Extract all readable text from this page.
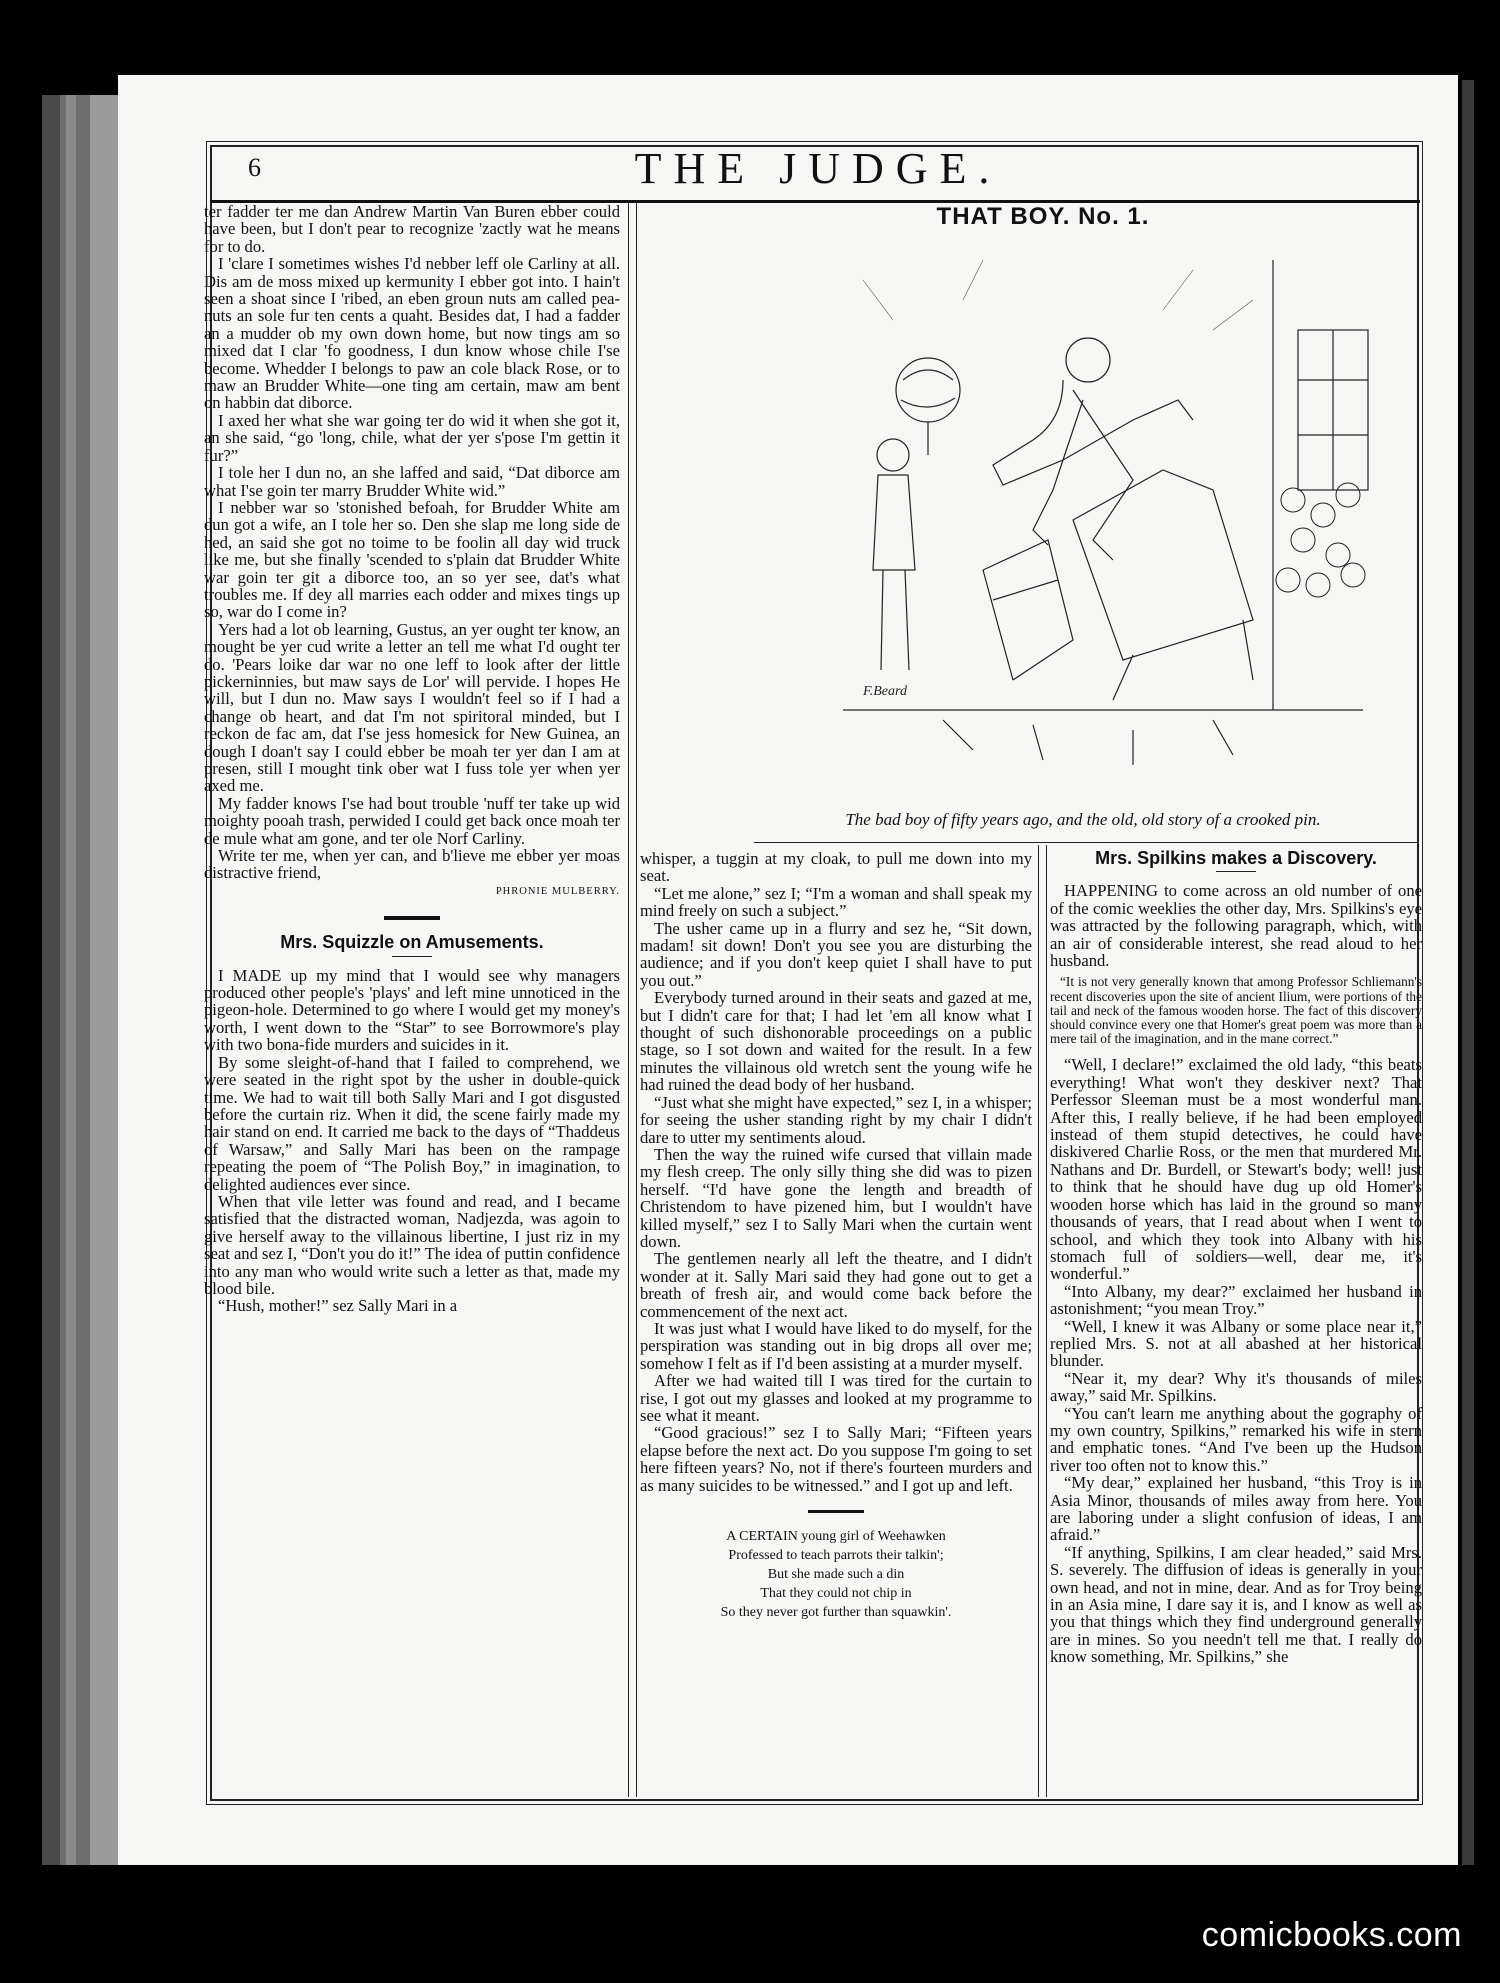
6	THE JUDGE.

ter fadder ter me dan Andrew Martin Van Buren ebber could have been, but I don't pear to recognize 'zactly wat he means for to do.

I 'clare I sometimes wishes I'd nebber leff ole Carliny at all. Dis am de moss mixed up kermunity I ebber got into. I hain't seen a shoat since I 'ribed, an eben groun nuts am called pea-nuts an sole fur ten cents a quaht. Besides dat, I had a fadder an a mudder ob my own down home, but now tings am so mixed dat I clar 'fo goodness, I dun know whose chile I'se become. Whedder I belongs to paw an cole black Rose, or to maw an Brudder White—one ting am certain, maw am bent on habbin dat diborce.

I axed her what she war going ter do wid it when she got it, an she said, “go 'long, chile, what der yer s'pose I'm gettin it fur?”

I tole her I dun no, an she laffed and said, “Dat diborce am what I'se goin ter marry Brudder White wid.”

I nebber war so 'stonished befoah, for Brudder White am dun got a wife, an I tole her so. Den she slap me long side de hed, an said she got no toime to be foolin all day wid truck like me, but she finally 'scended to s'plain dat Brudder White war goin ter git a diborce too, an so yer see, dat's what troubles me. If dey all marries each odder and mixes tings up so, war do I come in?

Yers had a lot ob learning, Gustus, an yer ought ter know, an mought be yer cud write a letter an tell me what I'd ought ter do. 'Pears loike dar war no one leff to look after der little pickerninnies, but maw says de Lor' will pervide. I hopes He will, but I dun no. Maw says I wouldn't feel so if I had a change ob heart, and dat I'm not spiritoral minded, but I reckon de fac am, dat I'se jess homesick for New Guinea, an dough I doan't say I could ebber be moah ter yer dan I am at presen, still I mought tink ober wat I fuss tole yer when yer axed me.

My fadder knows I'se had bout trouble 'nuff ter take up wid moighty pooah trash, perwided I could get back once moah ter de mule what am gone, and ter ole Norf Carliny.

Write ter me, when yer can, and b'lieve me ebber yer moas distractive friend,

PHRONIE MULBERRY.
Mrs. Squizzle on Amusements.

I MADE up my mind that I would see why managers produced other people's 'plays' and left mine unnoticed in the pigeon-hole. Determined to go where I would get my money's worth, I went down to the “Star” to see Borrowmore's play with two bona-fide murders and suicides in it.

By some sleight-of-hand that I failed to comprehend, we were seated in the right spot by the usher in double-quick time. We had to wait till both Sally Mari and I got disgusted before the curtain riz. When it did, the scene fairly made my hair stand on end. It carried me back to the days of “Thaddeus of Warsaw,” and Sally Mari has been on the rampage repeating the poem of “The Polish Boy,” in imagination, to delighted audiences ever since.

When that vile letter was found and read, and I became satisfied that the distracted woman, Nadjezda, was agoin to give herself away to the villainous libertine, I just riz in my seat and sez I, “Don't you do it!” The idea of puttin confidence into any man who would write such a letter as that, made my blood bile.

“Hush, mother!” sez Sally Mari in a

THAT BOY. No. 1.
F.Beard
The bad boy of fifty years ago, and the old, old story of a crooked pin.

whisper, a tuggin at my cloak, to pull me down into my seat.

“Let me alone,” sez I; “I'm a woman and shall speak my mind freely on such a subject.”

The usher came up in a flurry and sez he, “Sit down, madam! sit down! Don't you see you are disturbing the audience; and if you don't keep quiet I shall have to put you out.”

Everybody turned around in their seats and gazed at me, but I didn't care for that; I had let 'em all know what I thought of such dishonorable proceedings on a public stage, so I sot down and waited for the result. In a few minutes the villainous old wretch sent the young wife he had ruined the dead body of her husband.

“Just what she might have expected,” sez I, in a whisper; for seeing the usher standing right by my chair I didn't dare to utter my sentiments aloud.

Then the way the ruined wife cursed that villain made my flesh creep. The only silly thing she did was to pizen herself. “I'd have gone the length and breadth of Christendom to have pizened him, but I wouldn't have killed myself,” sez I to Sally Mari when the curtain went down.

The gentlemen nearly all left the theatre, and I didn't wonder at it. Sally Mari said they had gone out to get a breath of fresh air, and would come back before the commencement of the next act.

It was just what I would have liked to do myself, for the perspiration was standing out in big drops all over me; somehow I felt as if I'd been assisting at a murder myself.

After we had waited till I was tired for the curtain to rise, I got out my glasses and looked at my programme to see what it meant.

“Good gracious!” sez I to Sally Mari; “Fifteen years elapse before the next act. Do you suppose I'm going to set here fifteen years? No, not if there's fourteen murders and as many suicides to be witnessed.” and I got up and left.

A CERTAIN young girl of Weehawken
Professed to teach parrots their talkin';
But she made such a din
That they could not chip in
So they never got further than squawkin'.
Mrs. Spilkins makes a Discovery.

HAPPENING to come across an old number of one of the comic weeklies the other day, Mrs. Spilkins's eye was attracted by the following paragraph, which, with an air of considerable interest, she read aloud to her husband.

“It is not very generally known that among Professor Schliemann's recent discoveries upon the site of ancient Ilium, were portions of the tail and neck of the famous wooden horse. The fact of this discovery should convince every one that Homer's great poem was more than a mere tail of the imagination, and in the mane correct.”

“Well, I declare!” exclaimed the old lady, “this beats everything! What won't they deskiver next? That Perfessor Sleeman must be a most wonderful man. After this, I really believe, if he had been employed instead of them stupid detectives, he could have diskivered Charlie Ross, or the men that murdered Mr. Nathans and Dr. Burdell, or Stewart's body; well! just to think that he should have dug up old Homer's wooden horse which has laid in the ground so many thousands of years, that I read about when I went to school, and which they took into Albany with his stomach full of soldiers—well, dear me, it's wonderful.”

“Into Albany, my dear?” exclaimed her husband in astonishment; “you mean Troy.”

“Well, I knew it was Albany or some place near it,” replied Mrs. S. not at all abashed at her historical blunder.

“Near it, my dear? Why it's thousands of miles away,” said Mr. Spilkins.

“You can't learn me anything about the gography of my own country, Spilkins,” remarked his wife in stern and emphatic tones. “And I've been up the Hudson river too often not to know this.”

“My dear,” explained her husband, “this Troy is in Asia Minor, thousands of miles away from here. You are laboring under a slight confusion of ideas, I am afraid.”

“If anything, Spilkins, I am clear headed,” said Mrs. S. severely. The diffusion of ideas is generally in your own head, and not in mine, dear. And as for Troy being in an Asia mine, I dare say it is, and I know as well as you that things which they find underground generally are in mines. So you needn't tell me that. I really do know something, Mr. Spilkins,” she

comicbooks.com
